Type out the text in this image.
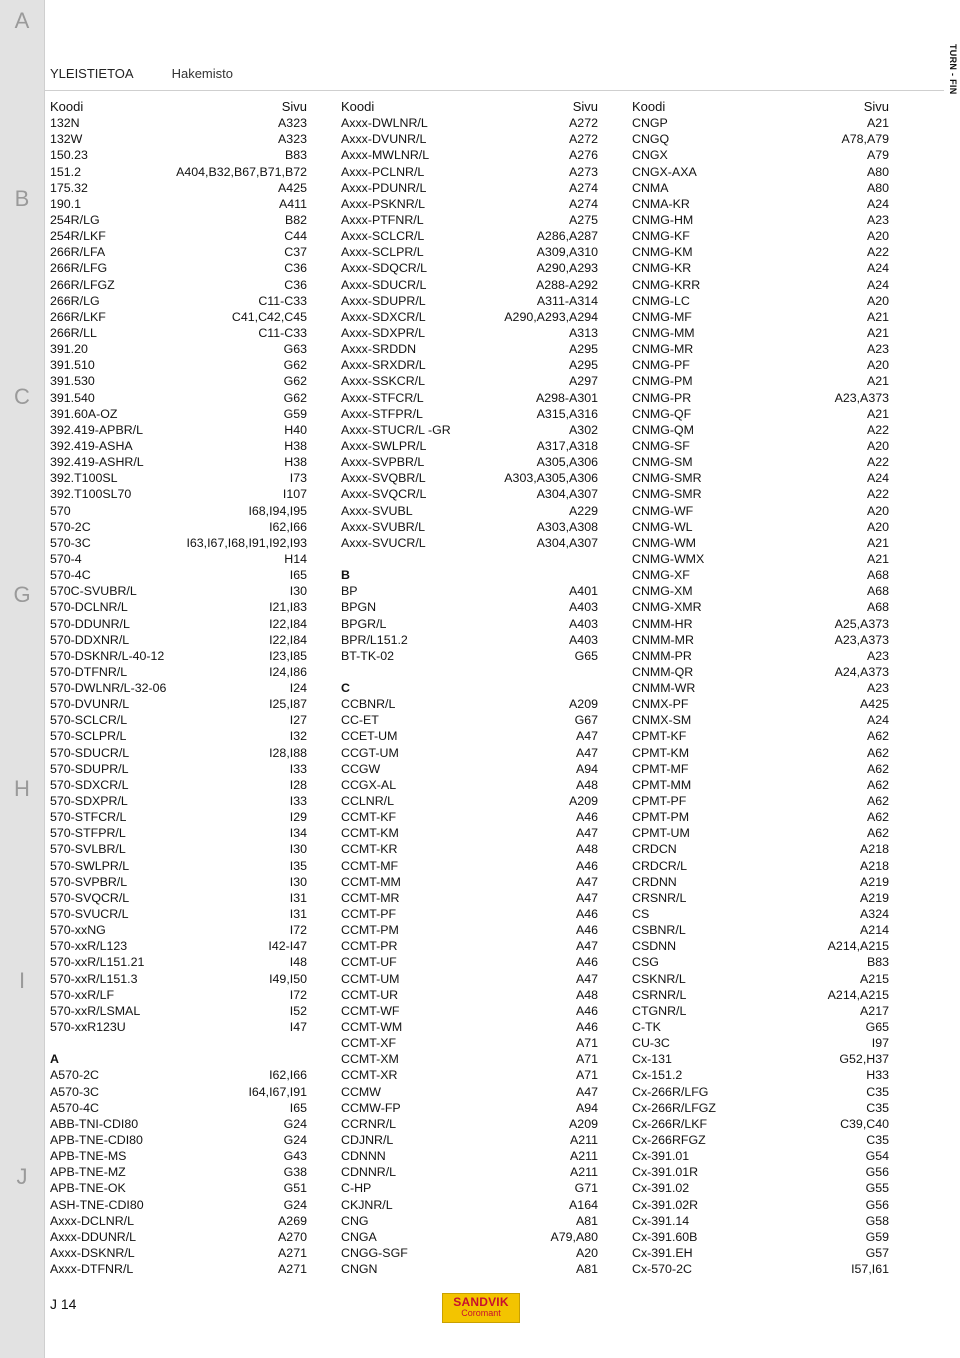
A
B
C
G
H
I
J
YLEISTIETOA	Hakemisto	TURN - FIN
Koodi	Sivu
132N	A323
132W	A323
150.23	B83
151.2	A404,B32,B67,B71,B72
175.32	A425
190.1	A411
254R/LG	B82
254R/LKF	C44
266R/LFA	C37
266R/LFG	C36
266R/LFGZ	C36
266R/LG	C11-C33
266R/LKF	C41,C42,C45
266R/LL	C11-C33
391.20	G63
391.510	G62
391.530	G62
391.540	G62
391.60A-OZ	G59
392.419-APBR/L	H40
392.419-ASHA	H38
392.419-ASHR/L	H38
392.T100SL	I73
392.T100SL70	I107
570	I68,I94,I95
570-2C	I62,I66
570-3C	I63,I67,I68,I91,I92,I93
570-4	H14
570-4C	I65
570C-SVUBR/L	I30
570-DCLNR/L	I21,I83
570-DDUNR/L	I22,I84
570-DDXNR/L	I22,I84
570-DSKNR/L-40-12	I23,I85
570-DTFNR/L	I24,I86
570-DWLNR/L-32-06	I24
570-DVUNR/L	I25,I87
570-SCLCR/L	I27
570-SCLPR/L	I32
570-SDUCR/L	I28,I88
570-SDUPR/L	I33
570-SDXCR/L	I28
570-SDXPR/L	I33
570-STFCR/L	I29
570-STFPR/L	I34
570-SVLBR/L	I30
570-SWLPR/L	I35
570-SVPBR/L	I30
570-SVQCR/L	I31
570-SVUCR/L	I31
570-xxNG	I72
570-xxR/L123	I42-I47
570-xxR/L151.21	I48
570-xxR/L151.3	I49,I50
570-xxR/LF	I72
570-xxR/LSMAL	I52
570-xxR123U	I47
A
A570-2C	I62,I66
A570-3C	I64,I67,I91
A570-4C	I65
ABB-TNI-CDI80	G24
APB-TNE-CDI80	G24
APB-TNE-MS	G43
APB-TNE-MZ	G38
APB-TNE-OK	G51
ASH-TNE-CDI80	G24
Axxx-DCLNR/L	A269
Axxx-DDUNR/L	A270
Axxx-DSKNR/L	A271
Axxx-DTFNR/L	A271
Koodi	Sivu
Axxx-DWLNR/L	A272
Axxx-DVUNR/L	A272
Axxx-MWLNR/L	A276
Axxx-PCLNR/L	A273
Axxx-PDUNR/L	A274
Axxx-PSKNR/L	A274
Axxx-PTFNR/L	A275
Axxx-SCLCR/L	A286,A287
Axxx-SCLPR/L	A309,A310
Axxx-SDQCR/L	A290,A293
Axxx-SDUCR/L	A288-A292
Axxx-SDUPR/L	A311-A314
Axxx-SDXCR/L	A290,A293,A294
Axxx-SDXPR/L	A313
Axxx-SRDDN	A295
Axxx-SRXDR/L	A295
Axxx-SSKCR/L	A297
Axxx-STFCR/L	A298-A301
Axxx-STFPR/L	A315,A316
Axxx-STUCR/L -GR	A302
Axxx-SWLPR/L	A317,A318
Axxx-SVPBR/L	A305,A306
Axxx-SVQBR/L	A303,A305,A306
Axxx-SVQCR/L	A304,A307
Axxx-SVUBL	A229
Axxx-SVUBR/L	A303,A308
Axxx-SVUCR/L	A304,A307
B
BP	A401
BPGN	A403
BPGR/L	A403
BPR/L151.2	A403
BT-TK-02	G65
C
CCBNR/L	A209
CC-ET	G67
CCET-UM	A47
CCGT-UM	A47
CCGW	A94
CCGX-AL	A48
CCLNR/L	A209
CCMT-KF	A46
CCMT-KM	A47
CCMT-KR	A48
CCMT-MF	A46
CCMT-MM	A47
CCMT-MR	A47
CCMT-PF	A46
CCMT-PM	A46
CCMT-PR	A47
CCMT-UF	A46
CCMT-UM	A47
CCMT-UR	A48
CCMT-WF	A46
CCMT-WM	A46
CCMT-XF	A71
CCMT-XM	A71
CCMT-XR	A71
CCMW	A47
CCMW-FP	A94
CCRNR/L	A209
CDJNR/L	A211
CDNNN	A211
CDNNR/L	A211
C-HP	G71
CKJNR/L	A164
CNG	A81
CNGA	A79,A80
CNGG-SGF	A20
CNGN	A81
Koodi	Sivu
CNGP	A21
CNGQ	A78,A79
CNGX	A79
CNGX-AXA	A80
CNMA	A80
CNMA-KR	A24
CNMG-HM	A23
CNMG-KF	A20
CNMG-KM	A22
CNMG-KR	A24
CNMG-KRR	A24
CNMG-LC	A20
CNMG-MF	A21
CNMG-MM	A21
CNMG-MR	A23
CNMG-PF	A20
CNMG-PM	A21
CNMG-PR	A23,A373
CNMG-QF	A21
CNMG-QM	A22
CNMG-SF	A20
CNMG-SM	A22
CNMG-SMR	A24
CNMG-SMR	A22
CNMG-WF	A20
CNMG-WL	A20
CNMG-WM	A21
CNMG-WMX	A21
CNMG-XF	A68
CNMG-XM	A68
CNMG-XMR	A68
CNMM-HR	A25,A373
CNMM-MR	A23,A373
CNMM-PR	A23
CNMM-QR	A24,A373
CNMM-WR	A23
CNMX-PF	A425
CNMX-SM	A24
CPMT-KF	A62
CPMT-KM	A62
CPMT-MF	A62
CPMT-MM	A62
CPMT-PF	A62
CPMT-PM	A62
CPMT-UM	A62
CRDCN	A218
CRDCR/L	A218
CRDNN	A219
CRSNR/L	A219
CS	A324
CSBNR/L	A214
CSDNN	A214,A215
CSG	B83
CSKNR/L	A215
CSRNR/L	A214,A215
CTGNR/L	A217
C-TK	G65
CU-3C	I97
Cx-131	G52,H37
Cx-151.2	H33
Cx-266R/LFG	C35
Cx-266R/LFGZ	C35
Cx-266R/LKF	C39,C40
Cx-266RFGZ	C35
Cx-391.01	G54
Cx-391.01R	G56
Cx-391.02	G55
Cx-391.02R	G56
Cx-391.14	G58
Cx-391.60B	G59
Cx-391.EH	G57
Cx-570-2C	I57,I61
J 14	SANDVIK
Coromant
